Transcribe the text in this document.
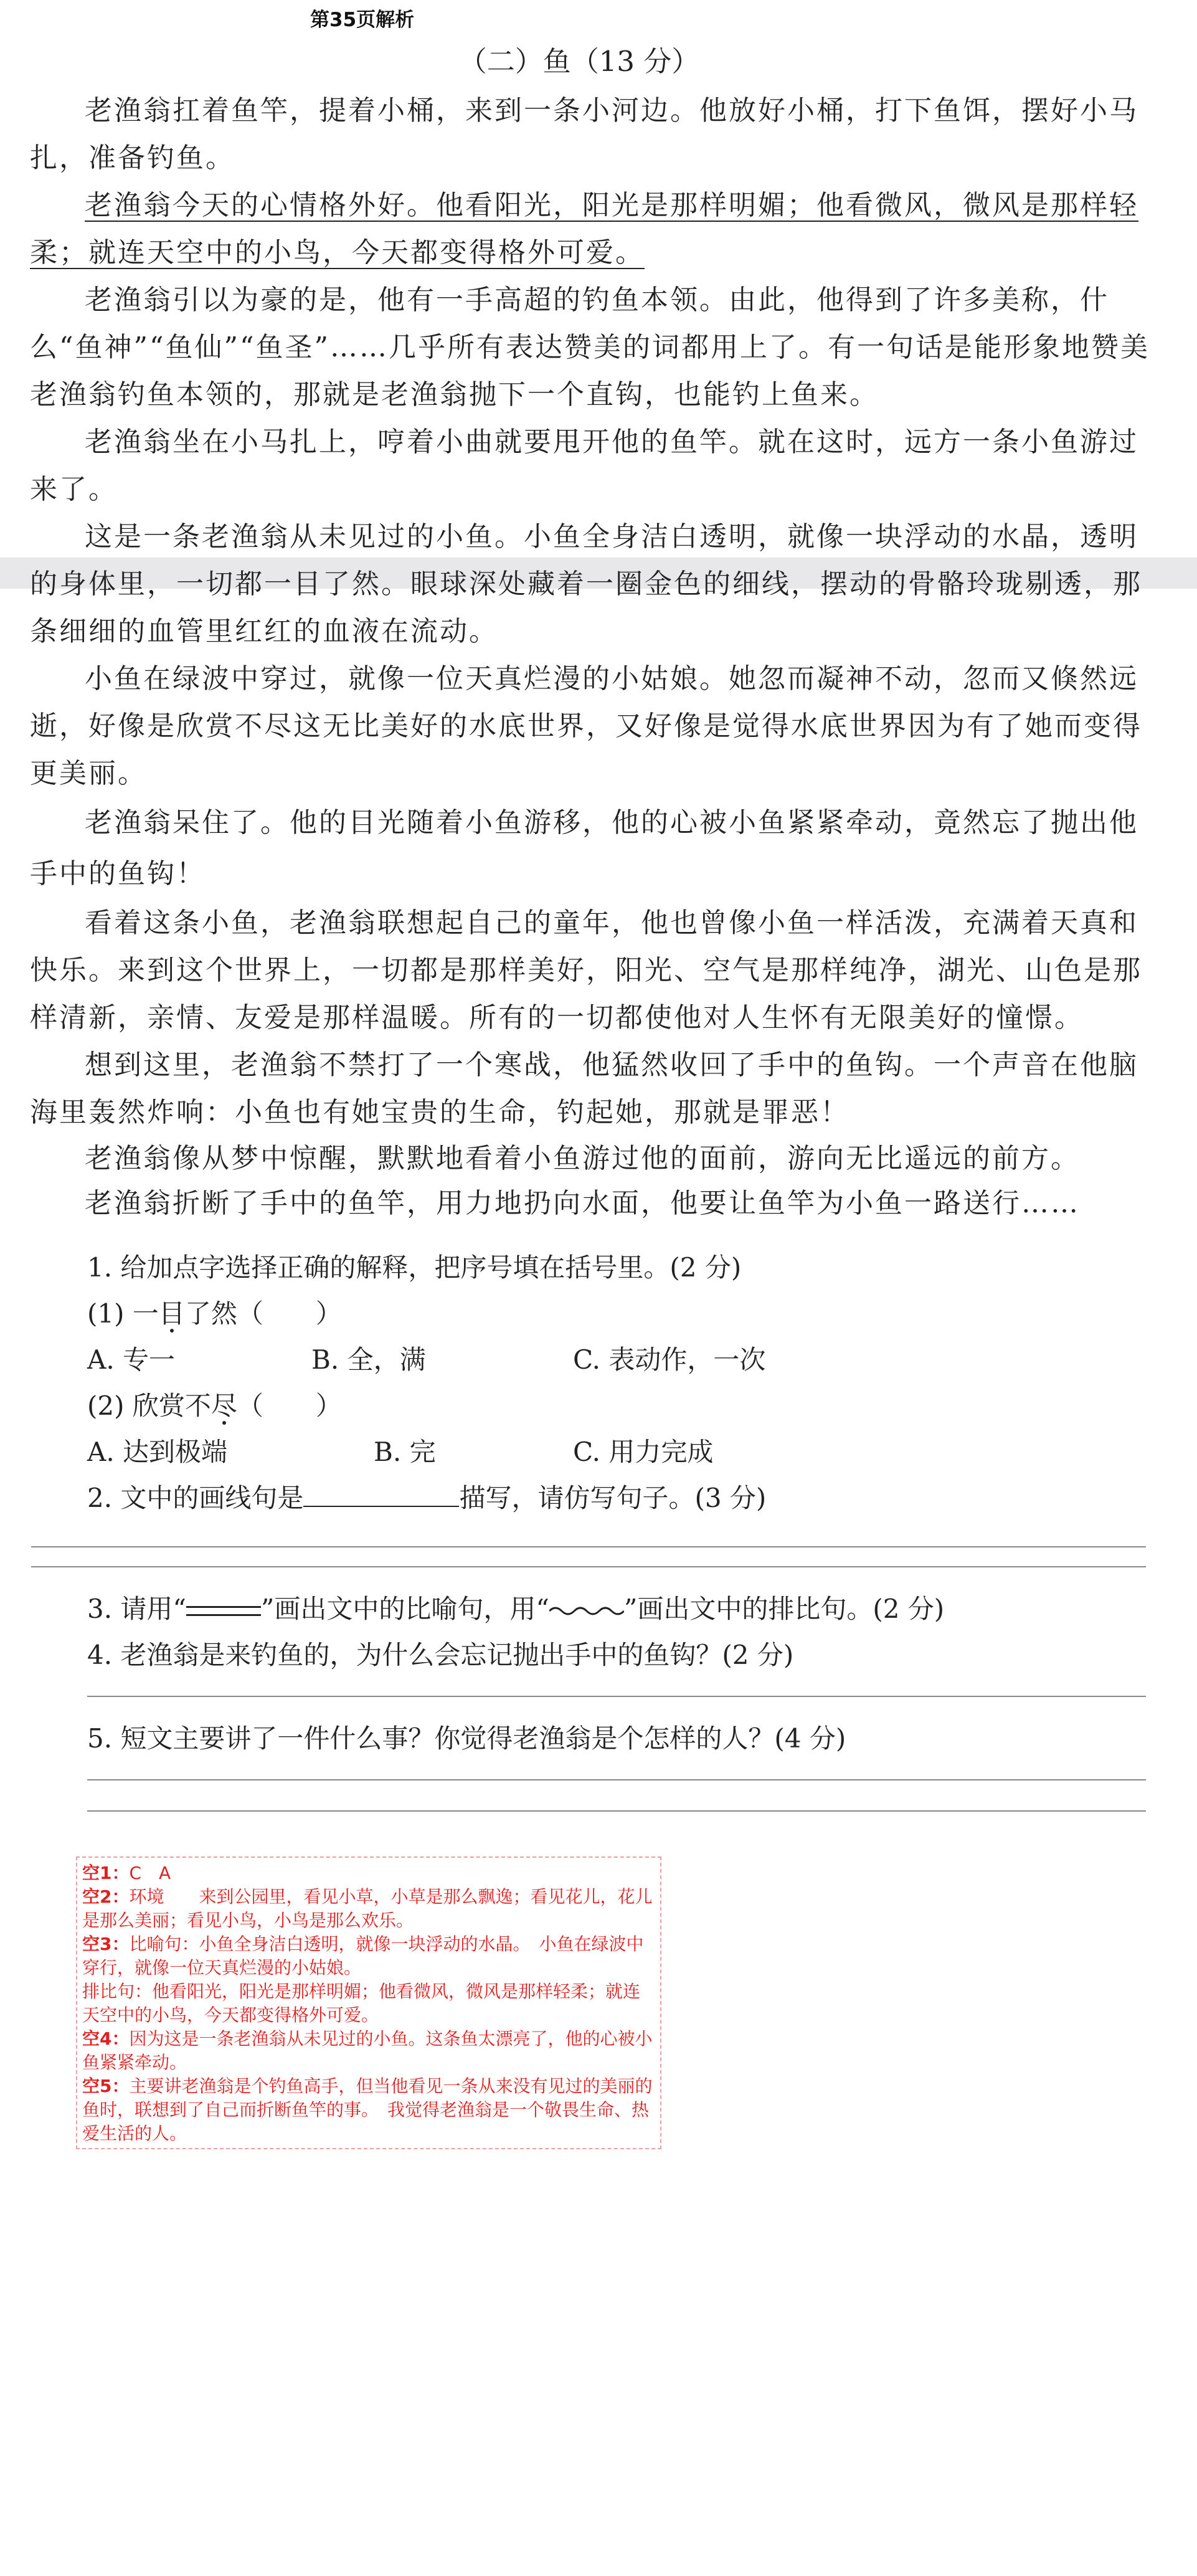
第35页解析
（二）鱼（13 分）

老渔翁扛着鱼竿，提着小桶，来到一条小河边。他放好小桶，打下鱼饵，摆好小马扎，准备钓鱼。

老渔翁今天的心情格外好。他看阳光，阳光是那样明媚；他看微风，微风是那样轻柔；就连天空中的小鸟，今天都变得格外可爱。

老渔翁引以为豪的是，他有一手高超的钓鱼本领。由此，他得到了许多美称，什么“鱼神”“鱼仙”“鱼圣”……几乎所有表达赞美的词都用上了。有一句话是能形象地赞美老渔翁钓鱼本领的，那就是老渔翁抛下一个直钩，也能钓上鱼来。

老渔翁坐在小马扎上，哼着小曲就要甩开他的鱼竿。就在这时，远方一条小鱼游过来了。

这是一条老渔翁从未见过的小鱼。小鱼全身洁白透明，就像一块浮动的水晶，透明的身体里，一切都一目了然。眼球深处藏着一圈金色的细线，摆动的骨骼玲珑剔透，那条细细的血管里红红的血液在流动。

小鱼在绿波中穿过，就像一位天真烂漫的小姑娘。她忽而凝神不动，忽而又倏然远逝，好像是欣赏不尽这无比美好的水底世界，又好像是觉得水底世界因为有了她而变得更美丽。

老渔翁呆住了。他的目光随着小鱼游移，他的心被小鱼紧紧牵动，竟然忘了抛出他手中的鱼钩！

看着这条小鱼，老渔翁联想起自己的童年，他也曾像小鱼一样活泼，充满着天真和快乐。来到这个世界上，一切都是那样美好，阳光、空气是那样纯净，湖光、山色是那样清新，亲情、友爱是那样温暖。所有的一切都使他对人生怀有无限美好的憧憬。

想到这里，老渔翁不禁打了一个寒战，他猛然收回了手中的鱼钩。一个声音在他脑海里轰然炸响：小鱼也有她宝贵的生命，钓起她，那就是罪恶！

老渔翁像从梦中惊醒，默默地看着小鱼游过他的面前，游向无比遥远的前方。

老渔翁折断了手中的鱼竿，用力地扔向水面，他要让鱼竿为小鱼一路送行……

1. 给加点字选择正确的解释，把序号填在括号里。(2 分)

(1) 一目了然（　　）

A. 专一	B. 全，满	C. 表动作，一次

(2) 欣赏不尽（　　）

A. 达到极端	B. 完	C. 用力完成

2. 文中的画线句是	描写，请仿写句子。(3 分)

3. 请用“	”画出文中的比喻句，用“	”画出文中的排比句。(2 分)

4. 老渔翁是来钓鱼的，为什么会忘记抛出手中的鱼钩？(2 分)

5. 短文主要讲了一件什么事？你觉得老渔翁是个怎样的人？(4 分)

空1：C　A

空2：环境　　来到公园里，看见小草，小草是那么飘逸；看见花儿，花儿是那么美丽；看见小鸟，小鸟是那么欢乐。

空3：比喻句：小鱼全身洁白透明，就像一块浮动的水晶。　小鱼在绿波中穿行，就像一位天真烂漫的小姑娘。

排比句：他看阳光，阳光是那样明媚；他看微风，微风是那样轻柔；就连天空中的小鸟，今天都变得格外可爱。

空4：因为这是一条老渔翁从未见过的小鱼。这条鱼太漂亮了，他的心被小鱼紧紧牵动。

空5：主要讲老渔翁是个钓鱼高手，但当他看见一条从来没有见过的美丽的鱼时，联想到了自己而折断鱼竿的事。　我觉得老渔翁是一个敬畏生命、热爱生活的人。
